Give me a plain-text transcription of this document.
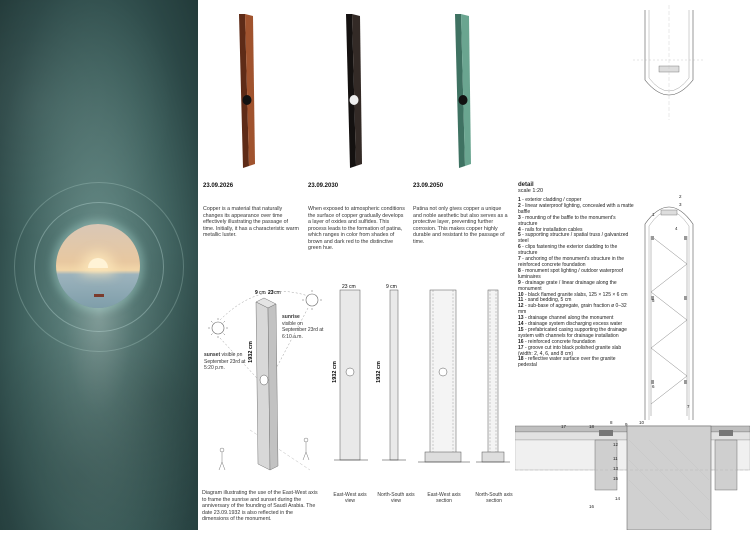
23.09.2026
Copper is a material that naturally changes its appearance over time effectively illustrating the passage of time. Initially, it has a characteristic warm metallic luster.
23.09.2030
When exposed to atmospheric conditions the surface of copper gradually develops a layer of oxides and sulfides. This process leads to the formation of patina, which ranges in color from shades of brown and dark red to the distinctive green hue.
23.09.2050
Patina not only gives copper a unique and noble aesthetic but also serves as a protective layer, preventing further corrosion. This makes copper highly durable and resistant to the passage of time.
1932 cm
9 cm 23 cm
sunset visible on September 23rd at 5:20 p.m.
sunrise
visible on September 23rd at 6:10 a.m.
Diagram illustrating the use of the East-West axis to frame the sunrise and sunset during the anniversary of the founding of Saudi Arabia. The date 23.09.1932 is also reflected in the dimensions of the monument.
1932 cm
23 cm
1932 cm
9 cm
East-West axis view
North-South axis view
East-West axis section
North-South axis section
detail
scale 1:20
1 - exterior cladding / copper
2 - linear waterproof lighting, concealed with a matte baffle
3 - mounting of the baffle to the monument's structure
4 - rails for installation cables
5 - supporting structure / spatial truss / galvanized steel
6 - clips fastening the exterior cladding to the structure
7 - anchoring of the monument's structure in the reinforced concrete foundation
8 - monument spot lighting / outdoor waterproof luminaires
9 - drainage grate / linear drainage along the monument
10 - black flamed granite slabs, 125 × 125 × 6 cm
11 - sand bedding, 5 cm
12 - sub-base of aggregate, grain fraction ø 0–32 mm
13 - drainage channel along the monument
14 - drainage system discharging excess water
15 - prefabricated casing supporting the drainage system with channels for drainage installation
16 - reinforced concrete foundation
17 - groove cut into black polished granite slab (width: 2, 4, 6, and 8 cm)
18 - reflective water surface over the granite pedestal
2
3
1
4
5
6
7
8	9	10
17	18
12
11
13
15
14
16
